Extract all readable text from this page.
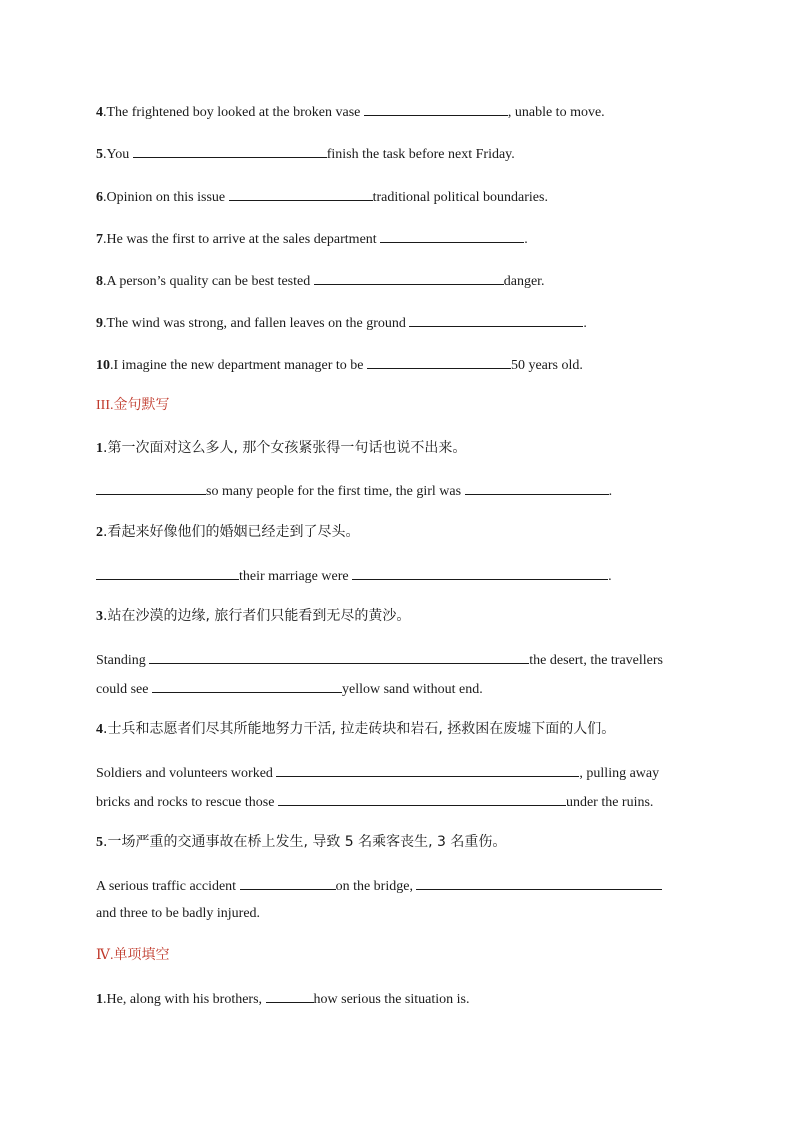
4.The frightened boy looked at the broken vase	, unable to move.
5.You	finish the task before next Friday.
6.Opinion on this issue	traditional political boundaries.
7.He was the first to arrive at the sales department	.
8.A person’s quality can be best tested	danger.
9.The wind was strong, and fallen leaves on the ground	.
10.I imagine the new department manager to be	50 years old.
III.金句默写
1.第一次面对这么多人, 那个女孩紧张得一句话也说不出来。
so many people for the first time, the girl was	.
2.看起来好像他们的婚姻已经走到了尽头。
their marriage were	.
3.站在沙漠的边缘, 旅行者们只能看到无尽的黄沙。
Standing	the desert, the travellers
could see	yellow sand without end.
4.士兵和志愿者们尽其所能地努力干活, 拉走砖块和岩石, 拯救困在废墟下面的人们。
Soldiers and volunteers worked	, pulling away
bricks and rocks to rescue those	under the ruins.
5.一场严重的交通事故在桥上发生, 导致 5 名乘客丧生, 3 名重伤。
A serious traffic accident	on the bridge,
and three to be badly injured.
Ⅳ.单项填空
1.He, along with his brothers,	how serious the situation is.
